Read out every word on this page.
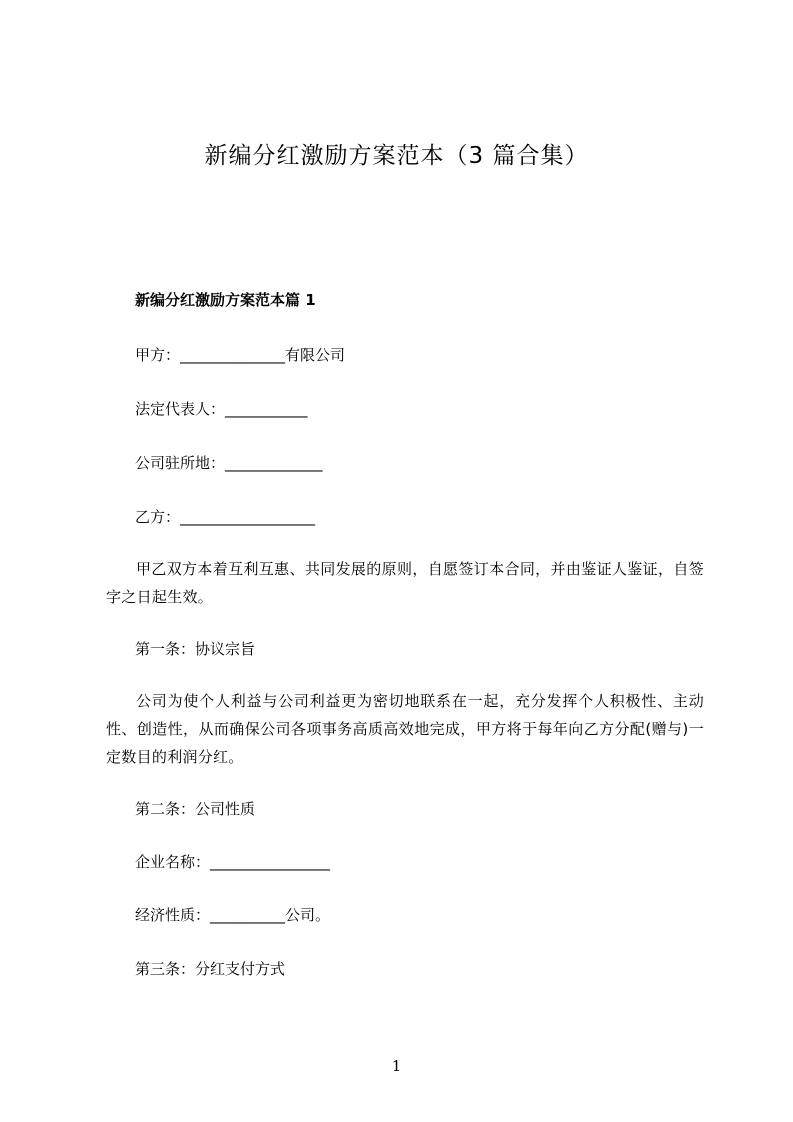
新编分红激励方案范本（3 篇合集）
新编分红激励方案范本篇 1
甲方：______________有限公司
法定代表人：___________
公司驻所地：_____________
乙方：__________________

甲乙双方本着互利互惠、共同发展的原则，自愿签订本合同，并由鉴证人鉴证，自签字之日起生效。

第一条：协议宗旨

公司为使个人利益与公司利益更为密切地联系在一起，充分发挥个人积极性、主动性、创造性，从而确保公司各项事务高质高效地完成，甲方将于每年向乙方分配(赠与)一定数目的利润分红。

第二条：公司性质
企业名称：________________
经济性质：__________公司。
第三条：分红支付方式
1
